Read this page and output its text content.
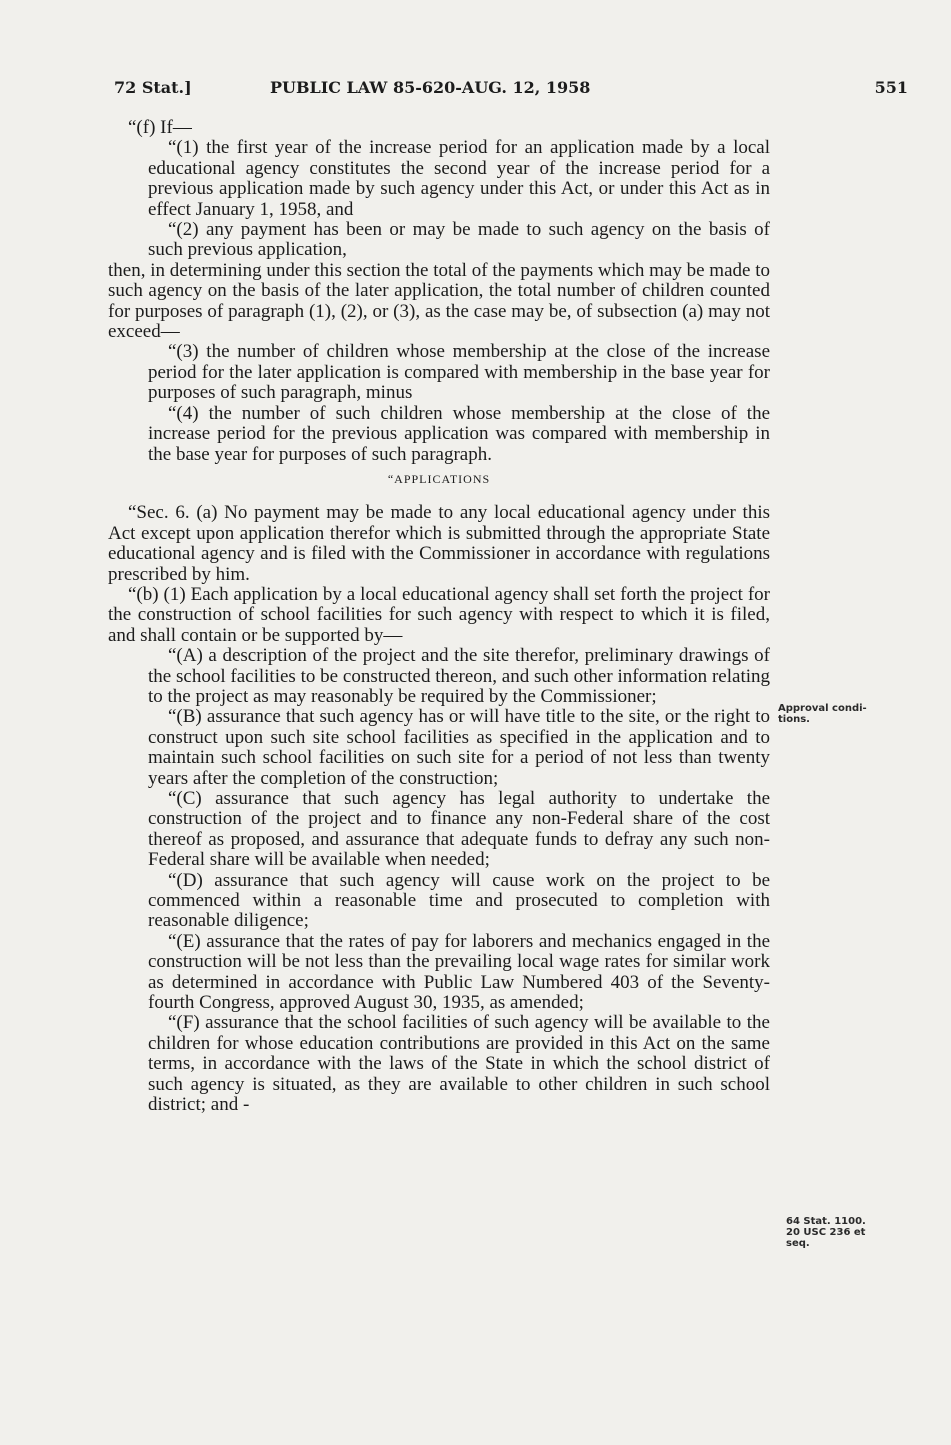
72 Stat.]	PUBLIC LAW 85-620-AUG. 12, 1958	551

“(f) If—

“(1) the first year of the increase period for an application made by a local educational agency constitutes the second year of the increase period for a previous application made by such agency under this Act, or under this Act as in effect January 1, 1958, and

“(2) any payment has been or may be made to such agency on the basis of such previous application,

then, in determining under this section the total of the payments which may be made to such agency on the basis of the later application, the total number of children counted for purposes of paragraph (1), (2), or (3), as the case may be, of subsection (a) may not exceed—

“(3) the number of children whose membership at the close of the increase period for the later application is compared with membership in the base year for purposes of such paragraph, minus

“(4) the number of such children whose membership at the close of the increase period for the previous application was compared with membership in the base year for purposes of such paragraph.

“APPLICATIONS

“Sec. 6. (a) No payment may be made to any local educational agency under this Act except upon application therefor which is submitted through the appropriate State educational agency and is filed with the Commissioner in accordance with regulations prescribed by him.

“(b) (1) Each application by a local educational agency shall set forth the project for the construction of school facilities for such agency with respect to which it is filed, and shall contain or be supported by—

“(A) a description of the project and the site therefor, preliminary drawings of the school facilities to be constructed thereon, and such other information relating to the project as may reasonably be required by the Commissioner;

“(B) assurance that such agency has or will have title to the site, or the right to construct upon such site school facilities as specified in the application and to maintain such school facilities on such site for a period of not less than twenty years after the completion of the construction;

“(C) assurance that such agency has legal authority to undertake the construction of the project and to finance any non-Federal share of the cost thereof as proposed, and assurance that adequate funds to defray any such non-Federal share will be available when needed;

“(D) assurance that such agency will cause work on the project to be commenced within a reasonable time and prosecuted to completion with reasonable diligence;

“(E) assurance that the rates of pay for laborers and mechanics engaged in the construction will be not less than the prevailing local wage rates for similar work as determined in accordance with Public Law Numbered 403 of the Seventy-fourth Congress, approved August 30, 1935, as amended;

“(F) assurance that the school facilities of such agency will be available to the children for whose education contributions are provided in this Act on the same terms, in accordance with the laws of the State in which the school district of such agency is situated, as they are available to other children in such school district; and -

Approval condi-
tions.
64 Stat. 1100.
20 USC 236 et
seq.
